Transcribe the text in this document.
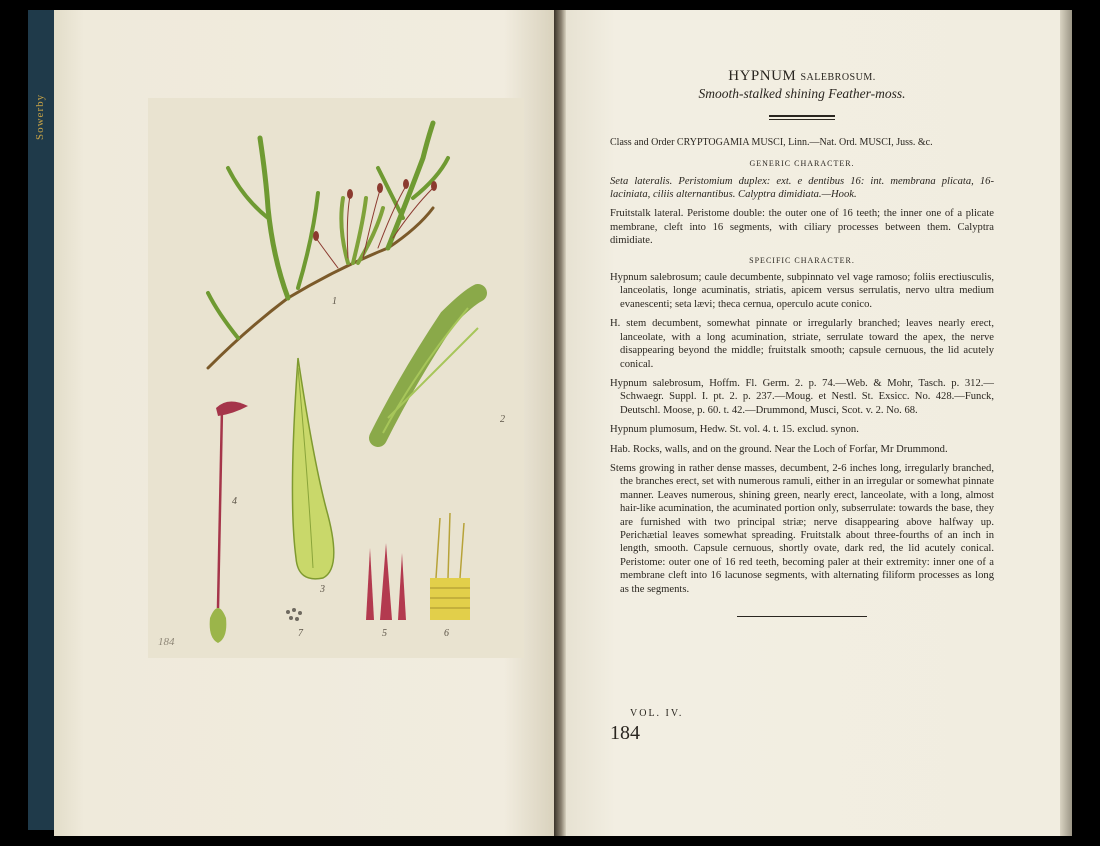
Sowerby
1
2
3
4
5	6
7
184

HYPNUM SALEBROSUM.

Smooth-stalked shining Feather-moss.

Class and Order CRYPTOGAMIA MUSCI, Linn.—Nat. Ord. MUSCI, Juss. &c.

GENERIC CHARACTER.

Seta lateralis. Peristomium duplex: ext. e dentibus 16: int. membrana plicata, 16-laciniata, ciliis alternantibus. Calyptra dimidiata.—Hook.

Fruitstalk lateral. Peristome double: the outer one of 16 teeth; the inner one of a plicate membrane, cleft into 16 segments, with ciliary processes between them. Calyptra dimidiate.

SPECIFIC CHARACTER.

Hypnum salebrosum; caule decumbente, subpinnato vel vage ramoso; foliis erectiusculis, lanceolatis, longe acuminatis, striatis, apicem versus serrulatis, nervo ultra medium evanescenti; seta lævi; theca cernua, operculo acute conico.

H. stem decumbent, somewhat pinnate or irregularly branched; leaves nearly erect, lanceolate, with a long acumination, striate, serrulate toward the apex, the nerve disappearing beyond the middle; fruitstalk smooth; capsule cernuous, the lid acutely conical.

Hypnum salebrosum, Hoffm. Fl. Germ. 2. p. 74.—Web. & Mohr, Tasch. p. 312.—Schwaegr. Suppl. I. pt. 2. p. 237.—Moug. et Nestl. St. Exsicc. No. 428.—Funck, Deutschl. Moose, p. 60. t. 42.—Drummond, Musci, Scot. v. 2. No. 68.

Hypnum plumosum, Hedw. St. vol. 4. t. 15. exclud. synon.

Hab. Rocks, walls, and on the ground. Near the Loch of Forfar, Mr Drummond.

Stems growing in rather dense masses, decumbent, 2-6 inches long, irregularly branched, the branches erect, set with numerous ramuli, either in an irregular or somewhat pinnate manner. Leaves numerous, shining green, nearly erect, lanceolate, with a long, almost hair-like acumination, the acuminated portion only, subserrulate: towards the base, they are furnished with two principal striæ; nerve disappearing above halfway up. Perichætial leaves somewhat spreading. Fruitstalk about three-fourths of an inch in length, smooth. Capsule cernuous, shortly ovate, dark red, the lid acutely conical. Peristome: outer one of 16 red teeth, becoming paler at their extremity: inner one of a membrane cleft into 16 lacunose segments, with alternating filiform processes as long as the segments.

VOL. IV.
184
